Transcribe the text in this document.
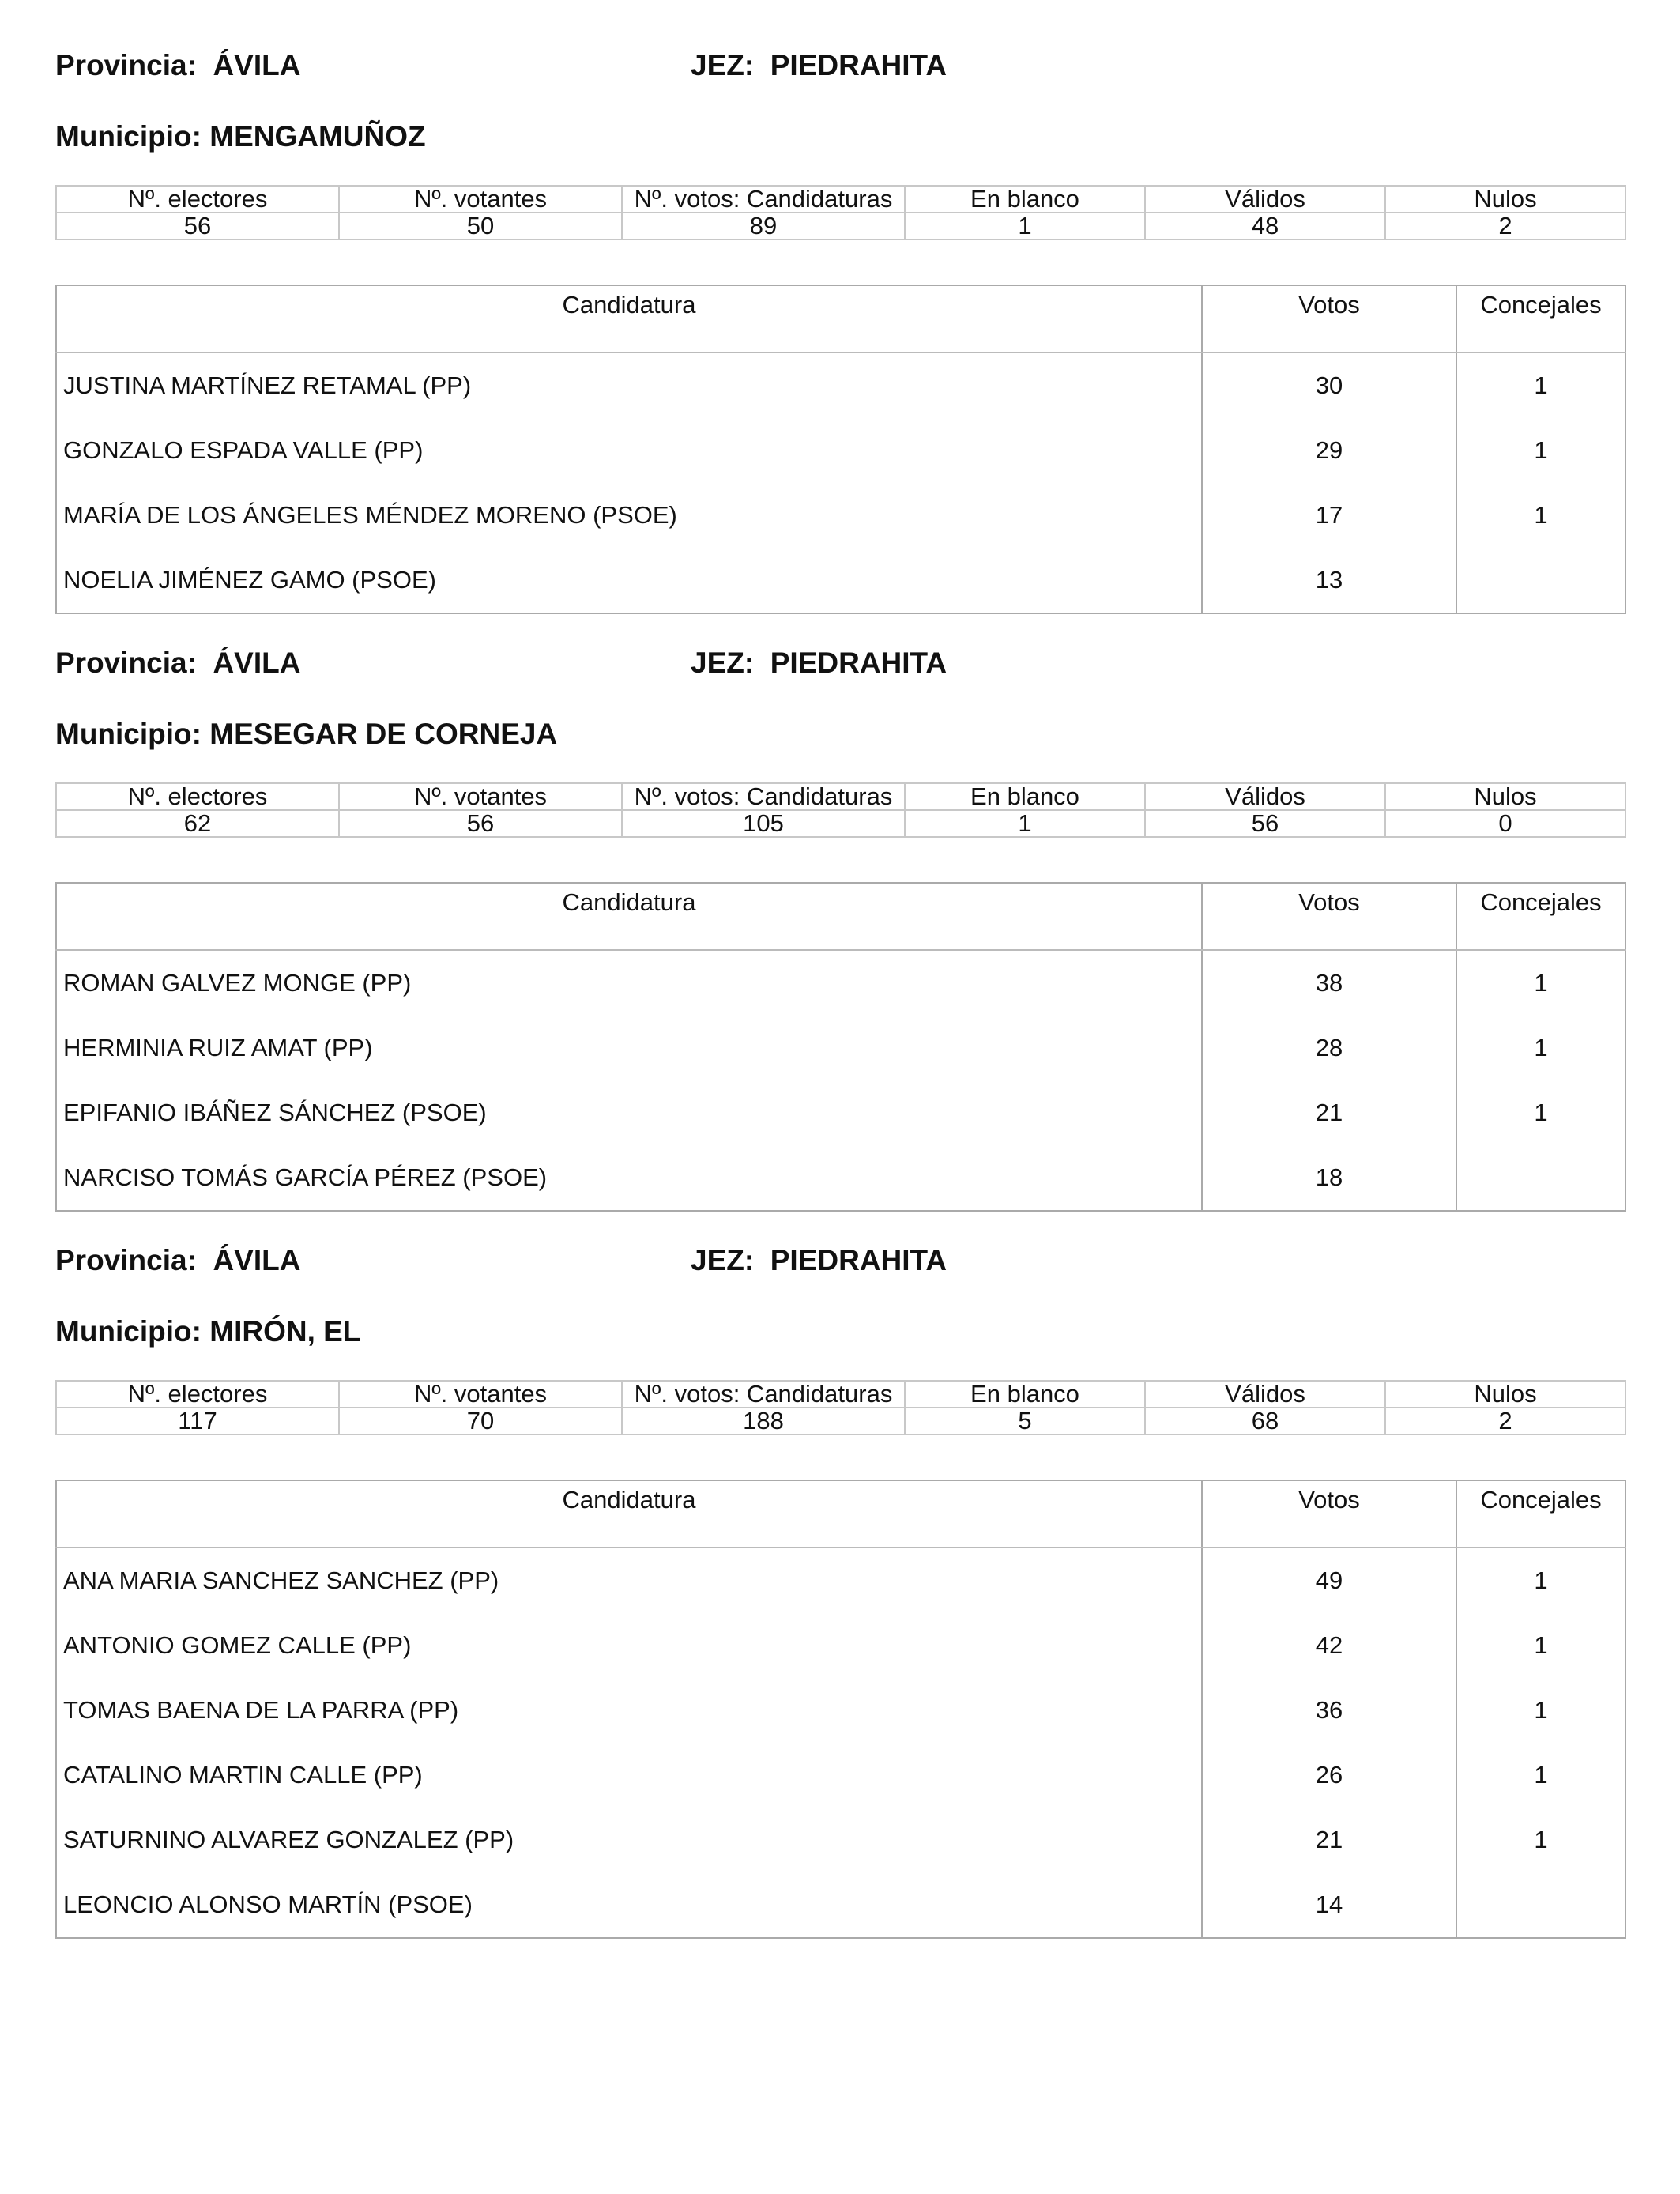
Provincia:  ÁVILA	JEZ:  PIEDRAHITA
Municipio: MENGAMUÑOZ
Nº. electores	Nº. votantes	Nº. votos: Candidaturas	En blanco	Válidos	Nulos
56	50	89	1	48	2
Candidatura	Votos	Concejales
JUSTINA MARTÍNEZ RETAMAL (PP)	30	1
GONZALO ESPADA VALLE (PP)	29	1
MARÍA DE LOS ÁNGELES MÉNDEZ MORENO (PSOE)	17	1
NOELIA JIMÉNEZ GAMO (PSOE)	13	
Provincia:  ÁVILA	JEZ:  PIEDRAHITA
Municipio: MESEGAR DE CORNEJA
Nº. electores	Nº. votantes	Nº. votos: Candidaturas	En blanco	Válidos	Nulos
62	56	105	1	56	0
Candidatura	Votos	Concejales
ROMAN GALVEZ MONGE (PP)	38	1
HERMINIA RUIZ AMAT (PP)	28	1
EPIFANIO IBÁÑEZ SÁNCHEZ (PSOE)	21	1
NARCISO TOMÁS GARCÍA PÉREZ (PSOE)	18	
Provincia:  ÁVILA	JEZ:  PIEDRAHITA
Municipio: MIRÓN, EL
Nº. electores	Nº. votantes	Nº. votos: Candidaturas	En blanco	Válidos	Nulos
117	70	188	5	68	2
Candidatura	Votos	Concejales
ANA MARIA SANCHEZ SANCHEZ (PP)	49	1
ANTONIO GOMEZ CALLE (PP)	42	1
TOMAS BAENA DE LA PARRA (PP)	36	1
CATALINO MARTIN CALLE (PP)	26	1
SATURNINO ALVAREZ GONZALEZ (PP)	21	1
LEONCIO ALONSO MARTÍN (PSOE)	14	
